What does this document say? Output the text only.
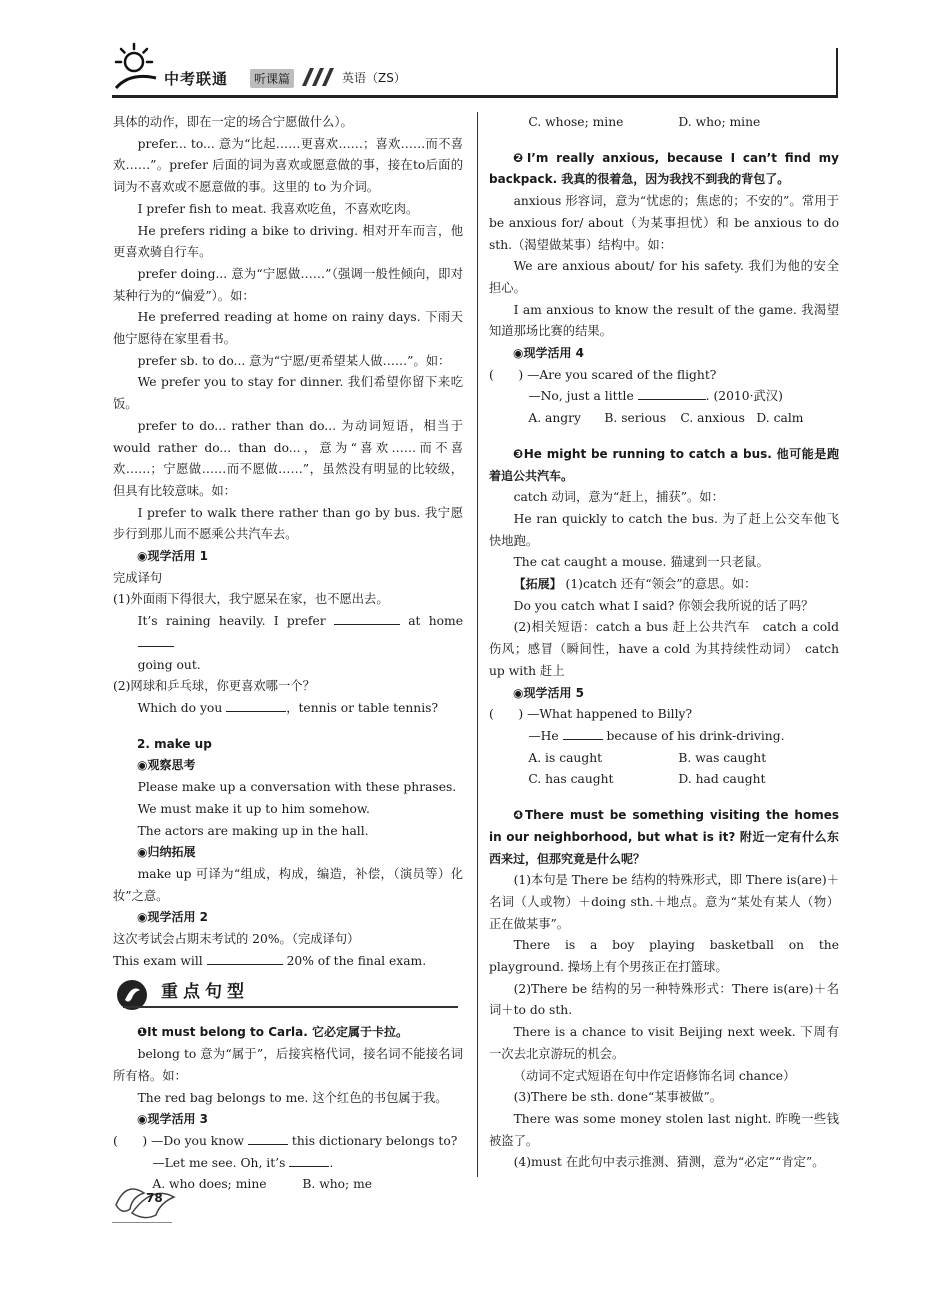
中考联通	听课篇	英语（ZS）

具体的动作，即在一定的场合宁愿做什么）。

prefer... to... 意为“比起……更喜欢……；喜欢……而不喜欢……”。prefer 后面的词为喜欢或愿意做的事，接在to后面的词为不喜欢或不愿意做的事。这里的 to 为介词。

I prefer fish to meat. 我喜欢吃鱼，不喜欢吃肉。

He prefers riding a bike to driving. 相对开车而言，他更喜欢骑自行车。

prefer doing... 意为“宁愿做……”（强调一般性倾向，即对某种行为的“偏爱”）。如：

He preferred reading at home on rainy days. 下雨天他宁愿待在家里看书。

prefer sb. to do... 意为“宁愿/更希望某人做……”。如：

We prefer you to stay for dinner. 我们希望你留下来吃饭。

prefer to do... rather than do... 为动词短语，相当于would rather do... than do...，意为“喜欢……而不喜欢……；宁愿做……而不愿做……”，虽然没有明显的比较级，但具有比较意味。如：

I prefer to walk there rather than go by bus. 我宁愿步行到那儿而不愿乘公共汽车去。

◉现学活用 1

完成译句

(1)外面雨下得很大，我宁愿呆在家，也不愿出去。

It’s raining heavily. I prefer	at home

going out.

(2)网球和乒乓球，你更喜欢哪一个？

Which do you	，tennis or table tennis?

2. make up

◉观察思考

Please make up a conversation with these phrases.

We must make it up to him somehow.

The actors are making up in the hall.

◉归纳拓展

make up 可译为“组成，构成，编造，补偿，（演员等）化妆”之意。

◉现学活用 2

这次考试会占期末考试的 20%。（完成译句）

This exam will	20% of the final exam.

重点句型

❶It must belong to Carla. 它必定属于卡拉。

belong to 意为“属于”，后接宾格代词，接名词不能接名词所有格。如：

The red bag belongs to me. 这个红色的书包属于我。

◉现学活用 3

(　　) —Do you know	this dictionary belongs to?

—Let me see. Oh, it’s	.

A. who does; mine	B. who; me

C. whose; mine	D. who; mine

❷I’m really anxious, because I can’t find my backpack. 我真的很着急，因为我找不到我的背包了。

anxious 形容词，意为“忧虑的；焦虑的；不安的”。常用于 be anxious for/ about（为某事担忧）和 be anxious to do sth.（渴望做某事）结构中。如：

We are anxious about/ for his safety. 我们为他的安全担心。

I am anxious to know the result of the game. 我渴望知道那场比赛的结果。

◉现学活用 4

(　　) —Are you scared of the flight?

—No, just a little	. (2010·武汉)

A. angry	B. serious	C. anxious D. calm

❸He might be running to catch a bus. 他可能是跑着追公共汽车。

catch 动词，意为“赶上，捕获”。如：

He ran quickly to catch the bus. 为了赶上公交车他飞快地跑。

The cat caught a mouse. 猫逮到一只老鼠。

【拓展】 (1)catch 还有“领会”的意思。如：

Do you catch what I said? 你领会我所说的话了吗？

(2)相关短语：catch a bus 赶上公共汽车　catch a cold 伤风；感冒（瞬间性，have a cold 为其持续性动词）　catch up with 赶上

◉现学活用 5

(　　) —What happened to Billy?

—He	because of his drink-driving.

A. is caught	B. was caught

C. has caught	D. had caught

❹There must be something visiting the homes in our neighborhood, but what is it? 附近一定有什么东西来过，但那究竟是什么呢？

(1)本句是 There be 结构的特殊形式，即 There is(are)＋名词（人或物）＋doing sth.＋地点。意为“某处有某人（物）正在做某事”。

There is a boy playing basketball on the playground. 操场上有个男孩正在打篮球。

(2)There be 结构的另一种特殊形式：There is(are)＋名词＋to do sth.

There is a chance to visit Beijing next week. 下周有一次去北京游玩的机会。

（动词不定式短语在句中作定语修饰名词 chance）

(3)There be sth. done“某事被做”。

There was some money stolen last night. 昨晚一些钱被盗了。

(4)must 在此句中表示推测、猜测，意为“必定”“肯定”。

78
